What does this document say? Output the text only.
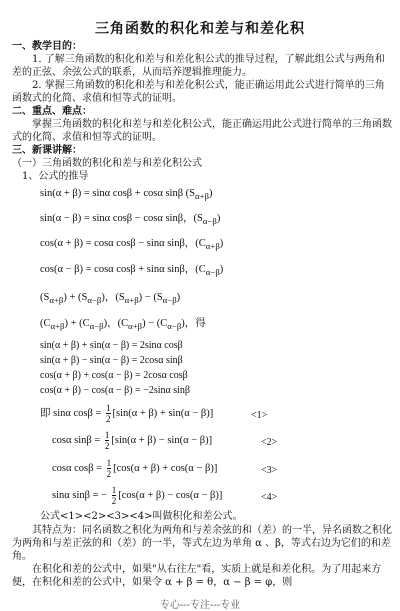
三角函数的积化和差与和差化积
一、教学目的：
1. 了解三角函数的积化和差与和差化积公式的推导过程，了解此组公式与两角和差的正弦、余弦公式的联系，从而培养逻辑推理能力。
2. 掌握三角函数的积化和差与和差化积公式，能正确运用此公式进行简单的三角函数式的化简、求值和恒等式的证明。
二、重点、难点：
掌握三角函数的积化和差与和差化积公式，能正确运用此公式进行简单的三角函数式的化简、求值和恒等式的证明。
三、新课讲解：
（一）三角函数的积化和差与和差化积公式
1、公式的推导
sin(α + β) = sinα cosβ + cosα sinβ $(S_{\alpha+\beta})$
sin(α − β) = sinα cosβ − cosα sinβ，$(S_{\alpha-\beta})$
cos(α + β) = cosα cosβ − sinα sinβ，$(C_{\alpha+\beta})$
cos(α − β) = cosα cosβ + sinα sinβ，$(C_{\alpha-\beta})$
$(S_{\alpha+\beta}) + (S_{\alpha-\beta})$，$(S_{\alpha+\beta}) - (S_{\alpha-\beta})$
$(C_{\alpha+\beta}) + (C_{\alpha-\beta})$，$(C_{\alpha+\beta}) - (C_{\alpha-\beta})$，得
sin(α + β) + sin(α − β) = 2sinα cosβ
sin(α + β) − sin(α − β) = 2cosα sinβ
cos(α + β) + cos(α − β) = 2cosα cosβ
cos(α + β) − cos(α − β) = −2sinα sinβ
即 sinα $\cos\beta = \frac{1}{2} [\sin(\alpha + \beta) + \sin(\alpha - \beta)]$	<1>
cosα $\sin\beta = \frac{1}{2} [\sin(\alpha + \beta) - \sin(\alpha - \beta)]$	<2>
cosα $\cos\beta = \frac{1}{2} [\cos(\alpha + \beta) + \cos(\alpha - \beta)]$	<3>
sinα sinβ = − $\frac{1}{2} [\cos(\alpha + \beta) - \cos(\alpha - \beta)]$	<4>
公式<1><2><3><4>叫做积化和差公式。
其特点为：同名函数之积化为两角和与差余弦的和（差）的一半，异名函数之积化为两角和与差正弦的和（差）的一半，等式左边为单角 α 、β，等式右边为它们的和差角。
在积化和差的公式中，如果"从右往左"看，实质上就是和差化积。为了用起来方便，在积化和差的公式中，如果令 α + β = θ，α − β = φ，则
专心---专注---专业
